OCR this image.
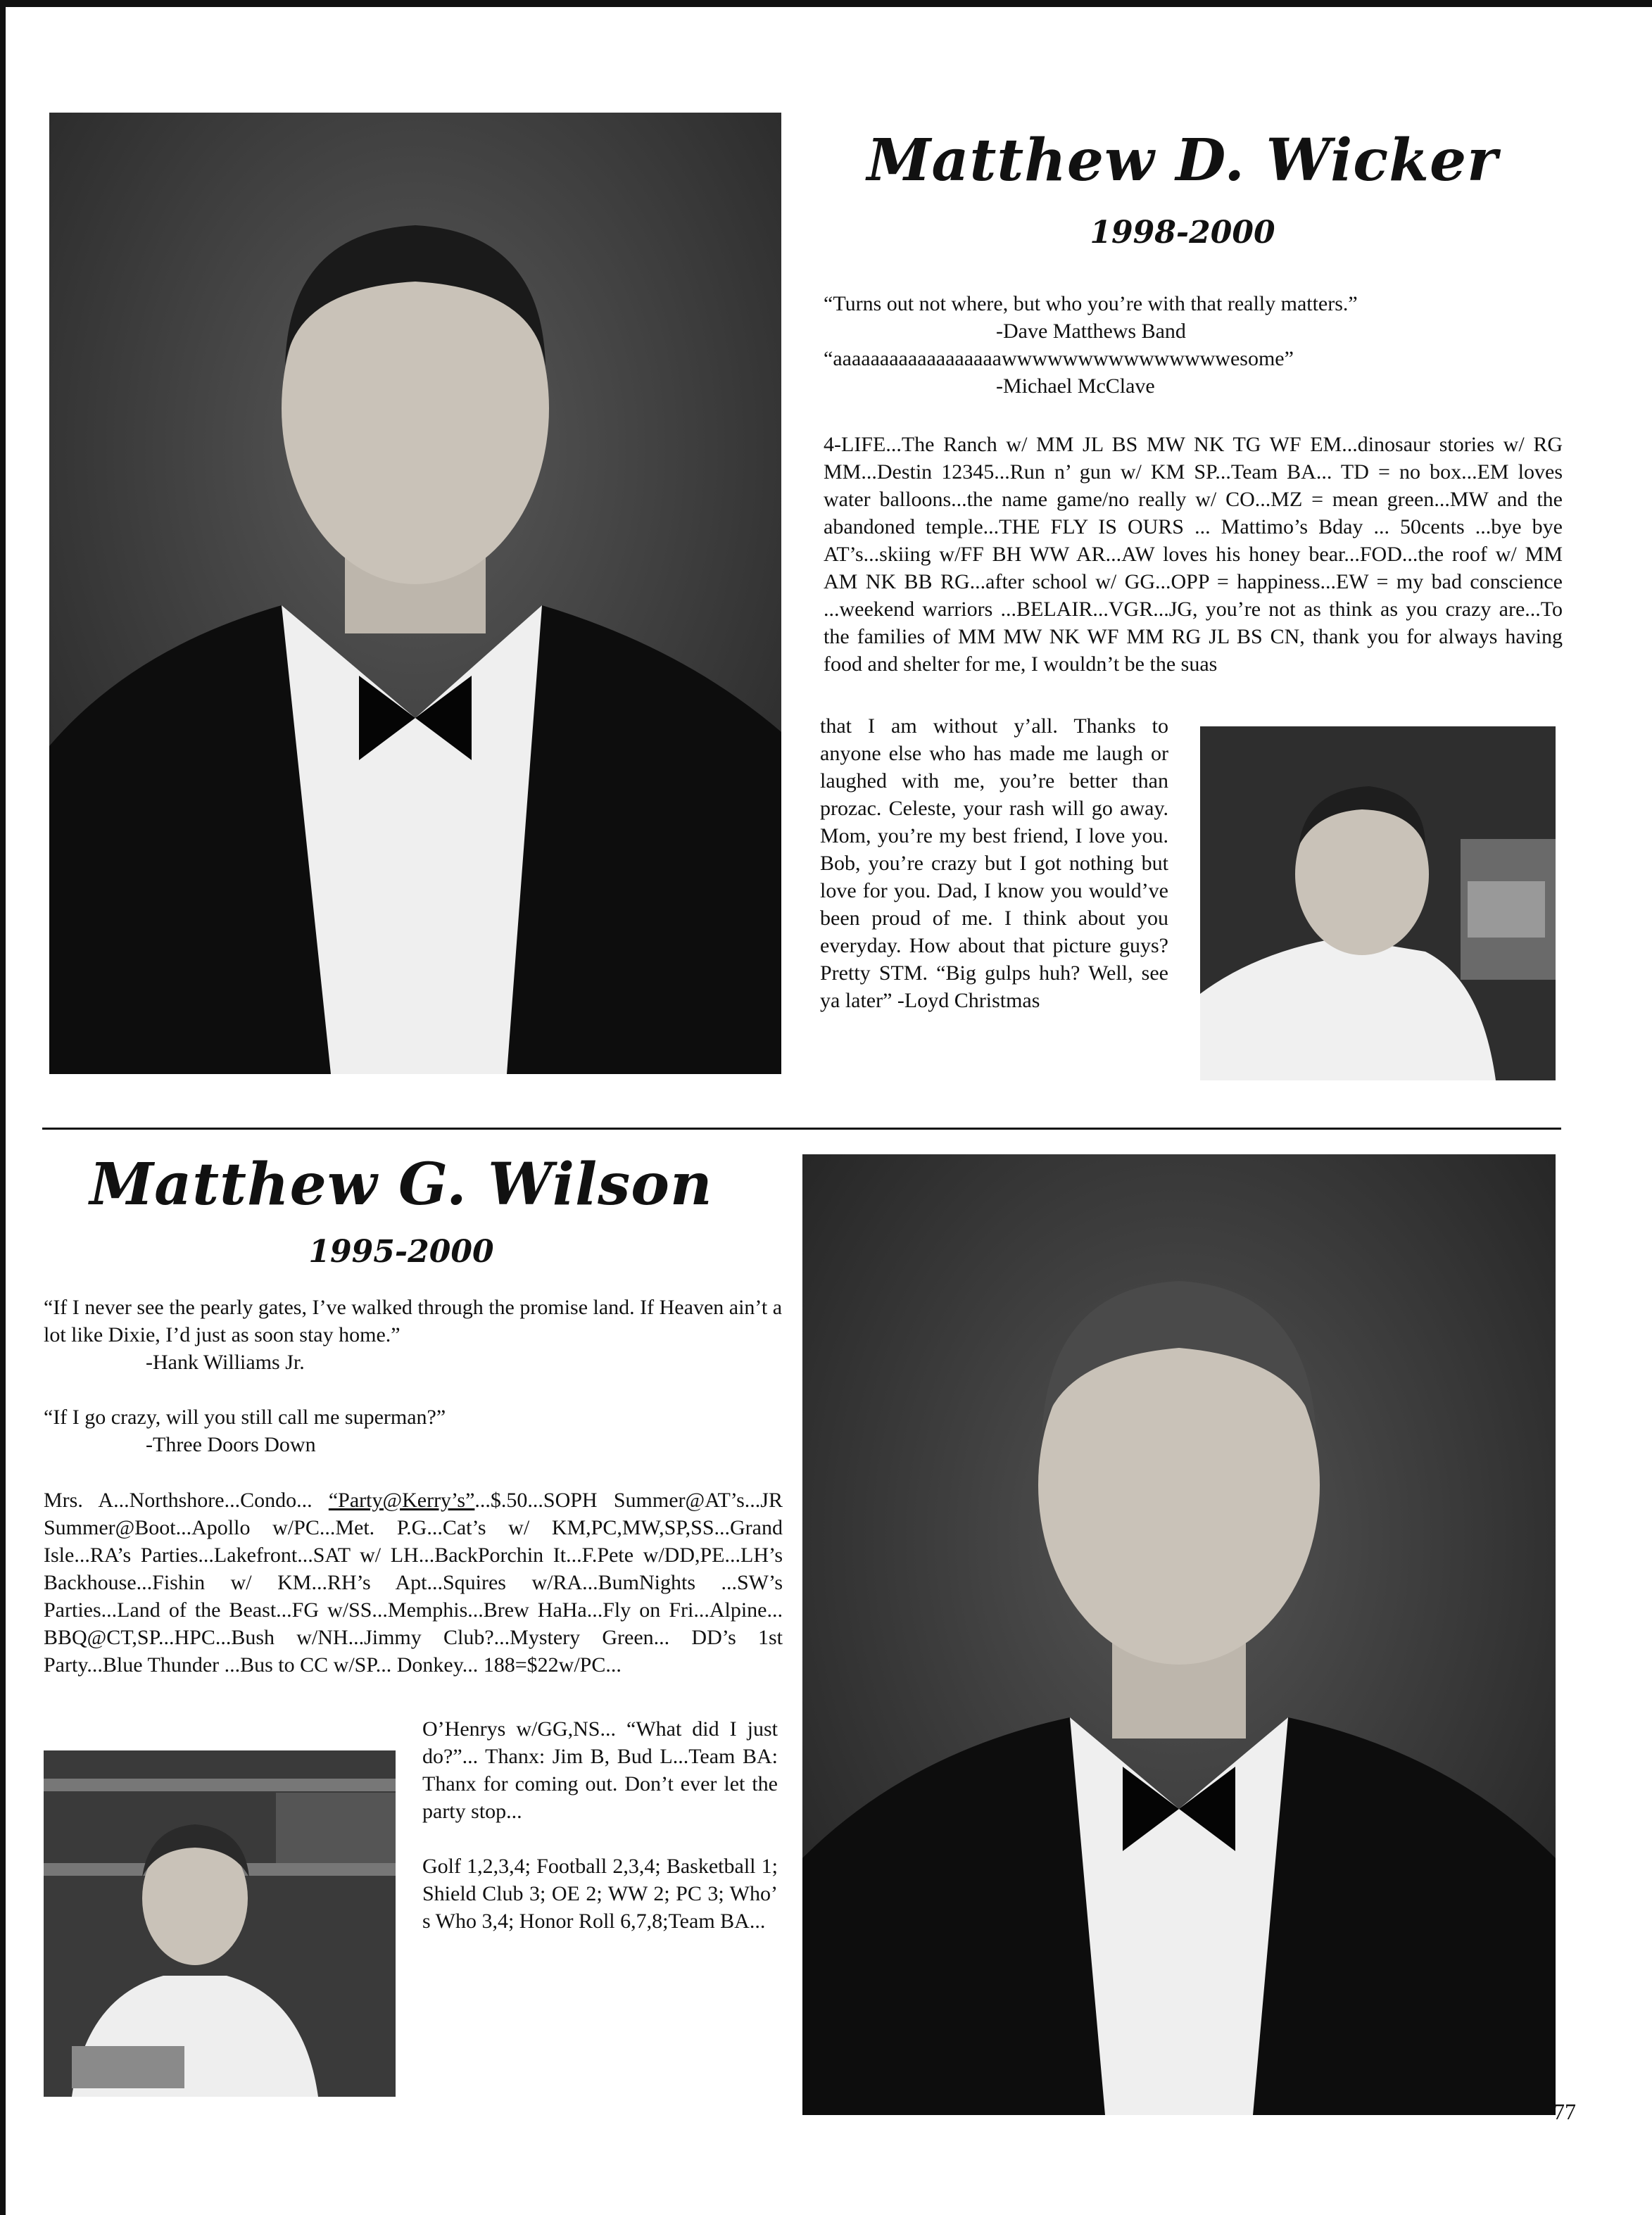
Matthew D. Wicker
1998-2000

“Turns out not where, but who you’re with that really matters.”

-Dave Matthews Band

“aaaaaaaaaaaaaaaaaawwwwwwwwwwwwwwwesome”

-Michael McClave

4-LIFE...The Ranch w/ MM JL BS MW NK TG WF EM...dinosaur stories w/ RG MM...Destin 12345...Run n’ gun w/ KM SP...Team BA... TD = no box...EM loves water balloons...the name game/no really w/ CO...MZ = mean green...MW and the abandoned temple...THE FLY IS OURS ... Mattimo’s Bday ... 50cents ...bye bye AT’s...skiing w/FF BH WW AR...AW loves his honey bear...FOD...the roof w/ MM AM NK BB RG...after school w/ GG...OPP = happiness...EW = my bad conscience ...weekend warriors ...BELAIR...VGR...JG, you’re not as think as you crazy are...To the families of MM MW NK WF MM RG JL BS CN, thank you for always having food and shelter for me, I wouldn’t be the suas
that I am without y’all. Thanks to anyone else who has made me laugh or laughed with me, you’re better than prozac. Celeste, your rash will go away. Mom, you’re my best friend, I love you. Bob, you’re crazy but I got nothing but love for you. Dad, I know you would’ve been proud of me. I think about you everyday. How about that picture guys? Pretty STM. “Big gulps huh? Well, see ya later” -Loyd Christmas
Matthew G. Wilson
1995-2000

“If I never see the pearly gates, I’ve walked through the promise land. If Heaven ain’t a lot like Dixie, I’d just as soon stay home.”

-Hank Williams Jr.

“If I go crazy, will you still call me superman?”

-Three Doors Down

Mrs. A...Northshore...Condo... “Party@Kerry’s”...$.50...SOPH Summer@AT’s...JR Summer@Boot...Apollo w/PC...Met. P.G...Cat’s w/ KM,PC,MW,SP,SS...Grand Isle...RA’s Parties...Lakefront...SAT w/ LH...BackPorchin It...F.Pete w/DD,PE...LH’s Backhouse...Fishin w/ KM...RH’s Apt...Squires w/RA...BumNights ...SW’s Parties...Land of the Beast...FG w/SS...Memphis...Brew HaHa...Fly on Fri...Alpine... BBQ@CT,SP...HPC...Bush w/NH...Jimmy Club?...Mystery Green... DD’s 1st Party...Blue Thunder ...Bus to CC w/SP... Donkey... 188=$22w/PC...
O’Henrys w/GG,NS... “What did I just do?”... Thanx: Jim B, Bud L...Team BA: Thanx for coming out. Don’t ever let the party stop...
Golf 1,2,3,4; Football 2,3,4; Basketball 1; Shield Club 3; OE 2; WW 2; PC 3; Who’ s Who 3,4; Honor Roll 6,7,8;Team BA...
77
